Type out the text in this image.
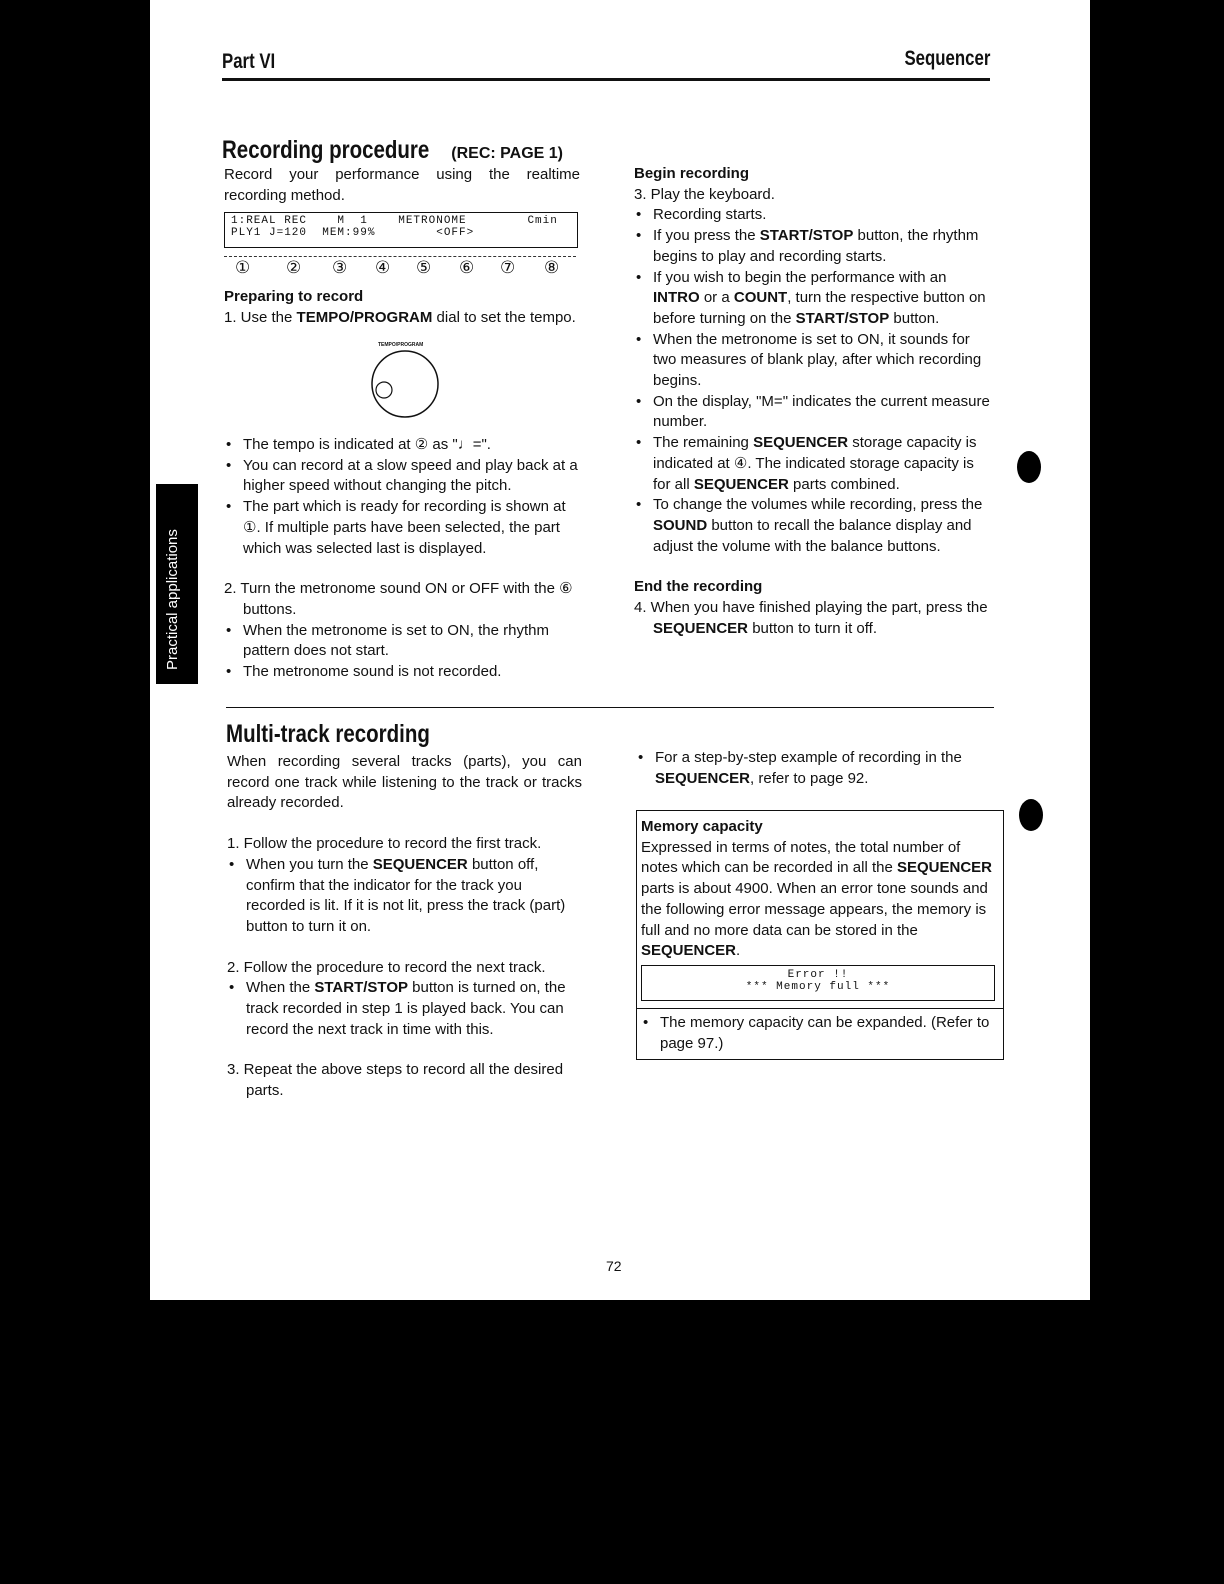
Part VI	Sequencer
Recording procedure (REC: PAGE 1)

Record your performance using the realtime recording method.

1:REAL REC    M  1    METRONOME        Cmin
PLY1 J=120  MEM:99%        <OFF>
① ② ③ ④ ⑤ ⑥ ⑦ ⑧

Preparing to record

1. Use the TEMPO/PROGRAM dial to set the tempo.

TEMPO/PROGRAM

• The tempo is indicated at ② as "♩=".

• You can record at a slow speed and play back at a higher speed without changing the pitch.

• The part which is ready for recording is shown at ①. If multiple parts have been selected, the part which was selected last is displayed.

2. Turn the metronome sound ON or OFF with the ⑥ buttons.

• When the metronome is set to ON, the rhythm pattern does not start.

• The metronome sound is not recorded.

Begin recording

3. Play the keyboard.

• Recording starts.

• If you press the START/STOP button, the rhythm begins to play and recording starts.

• If you wish to begin the performance with an INTRO or a COUNT, turn the respective button on before turning on the START/STOP button.

• When the metronome is set to ON, it sounds for two measures of blank play, after which recording begins.

• On the display, "M=" indicates the current measure number.

• The remaining SEQUENCER storage capacity is indicated at ④. The indicated storage capacity is for all SEQUENCER parts combined.

• To change the volumes while recording, press the SOUND button to recall the balance display and adjust the volume with the balance buttons.

End the recording

4. When you have finished playing the part, press the SEQUENCER button to turn it off.

Multi-track recording

When recording several tracks (parts), you can record one track while listening to the track or tracks already recorded.

1. Follow the procedure to record the first track.

• When you turn the SEQUENCER button off, confirm that the indicator for the track you recorded is lit. If it is not lit, press the track (part) button to turn it on.

2. Follow the procedure to record the next track.

• When the START/STOP button is turned on, the track recorded in step 1 is played back. You can record the next track in time with this.

3. Repeat the above steps to record all the desired parts.

• For a step-by-step example of recording in the SEQUENCER, refer to page 92.

Memory capacity

Expressed in terms of notes, the total number of notes which can be recorded in all the SEQUENCER parts is about 4900. When an error tone sounds and the following error message appears, the memory is full and no more data can be stored in the SEQUENCER.

Error !!
*** Memory full ***

• The memory capacity can be expanded. (Refer to page 97.)

72
Practical applications
